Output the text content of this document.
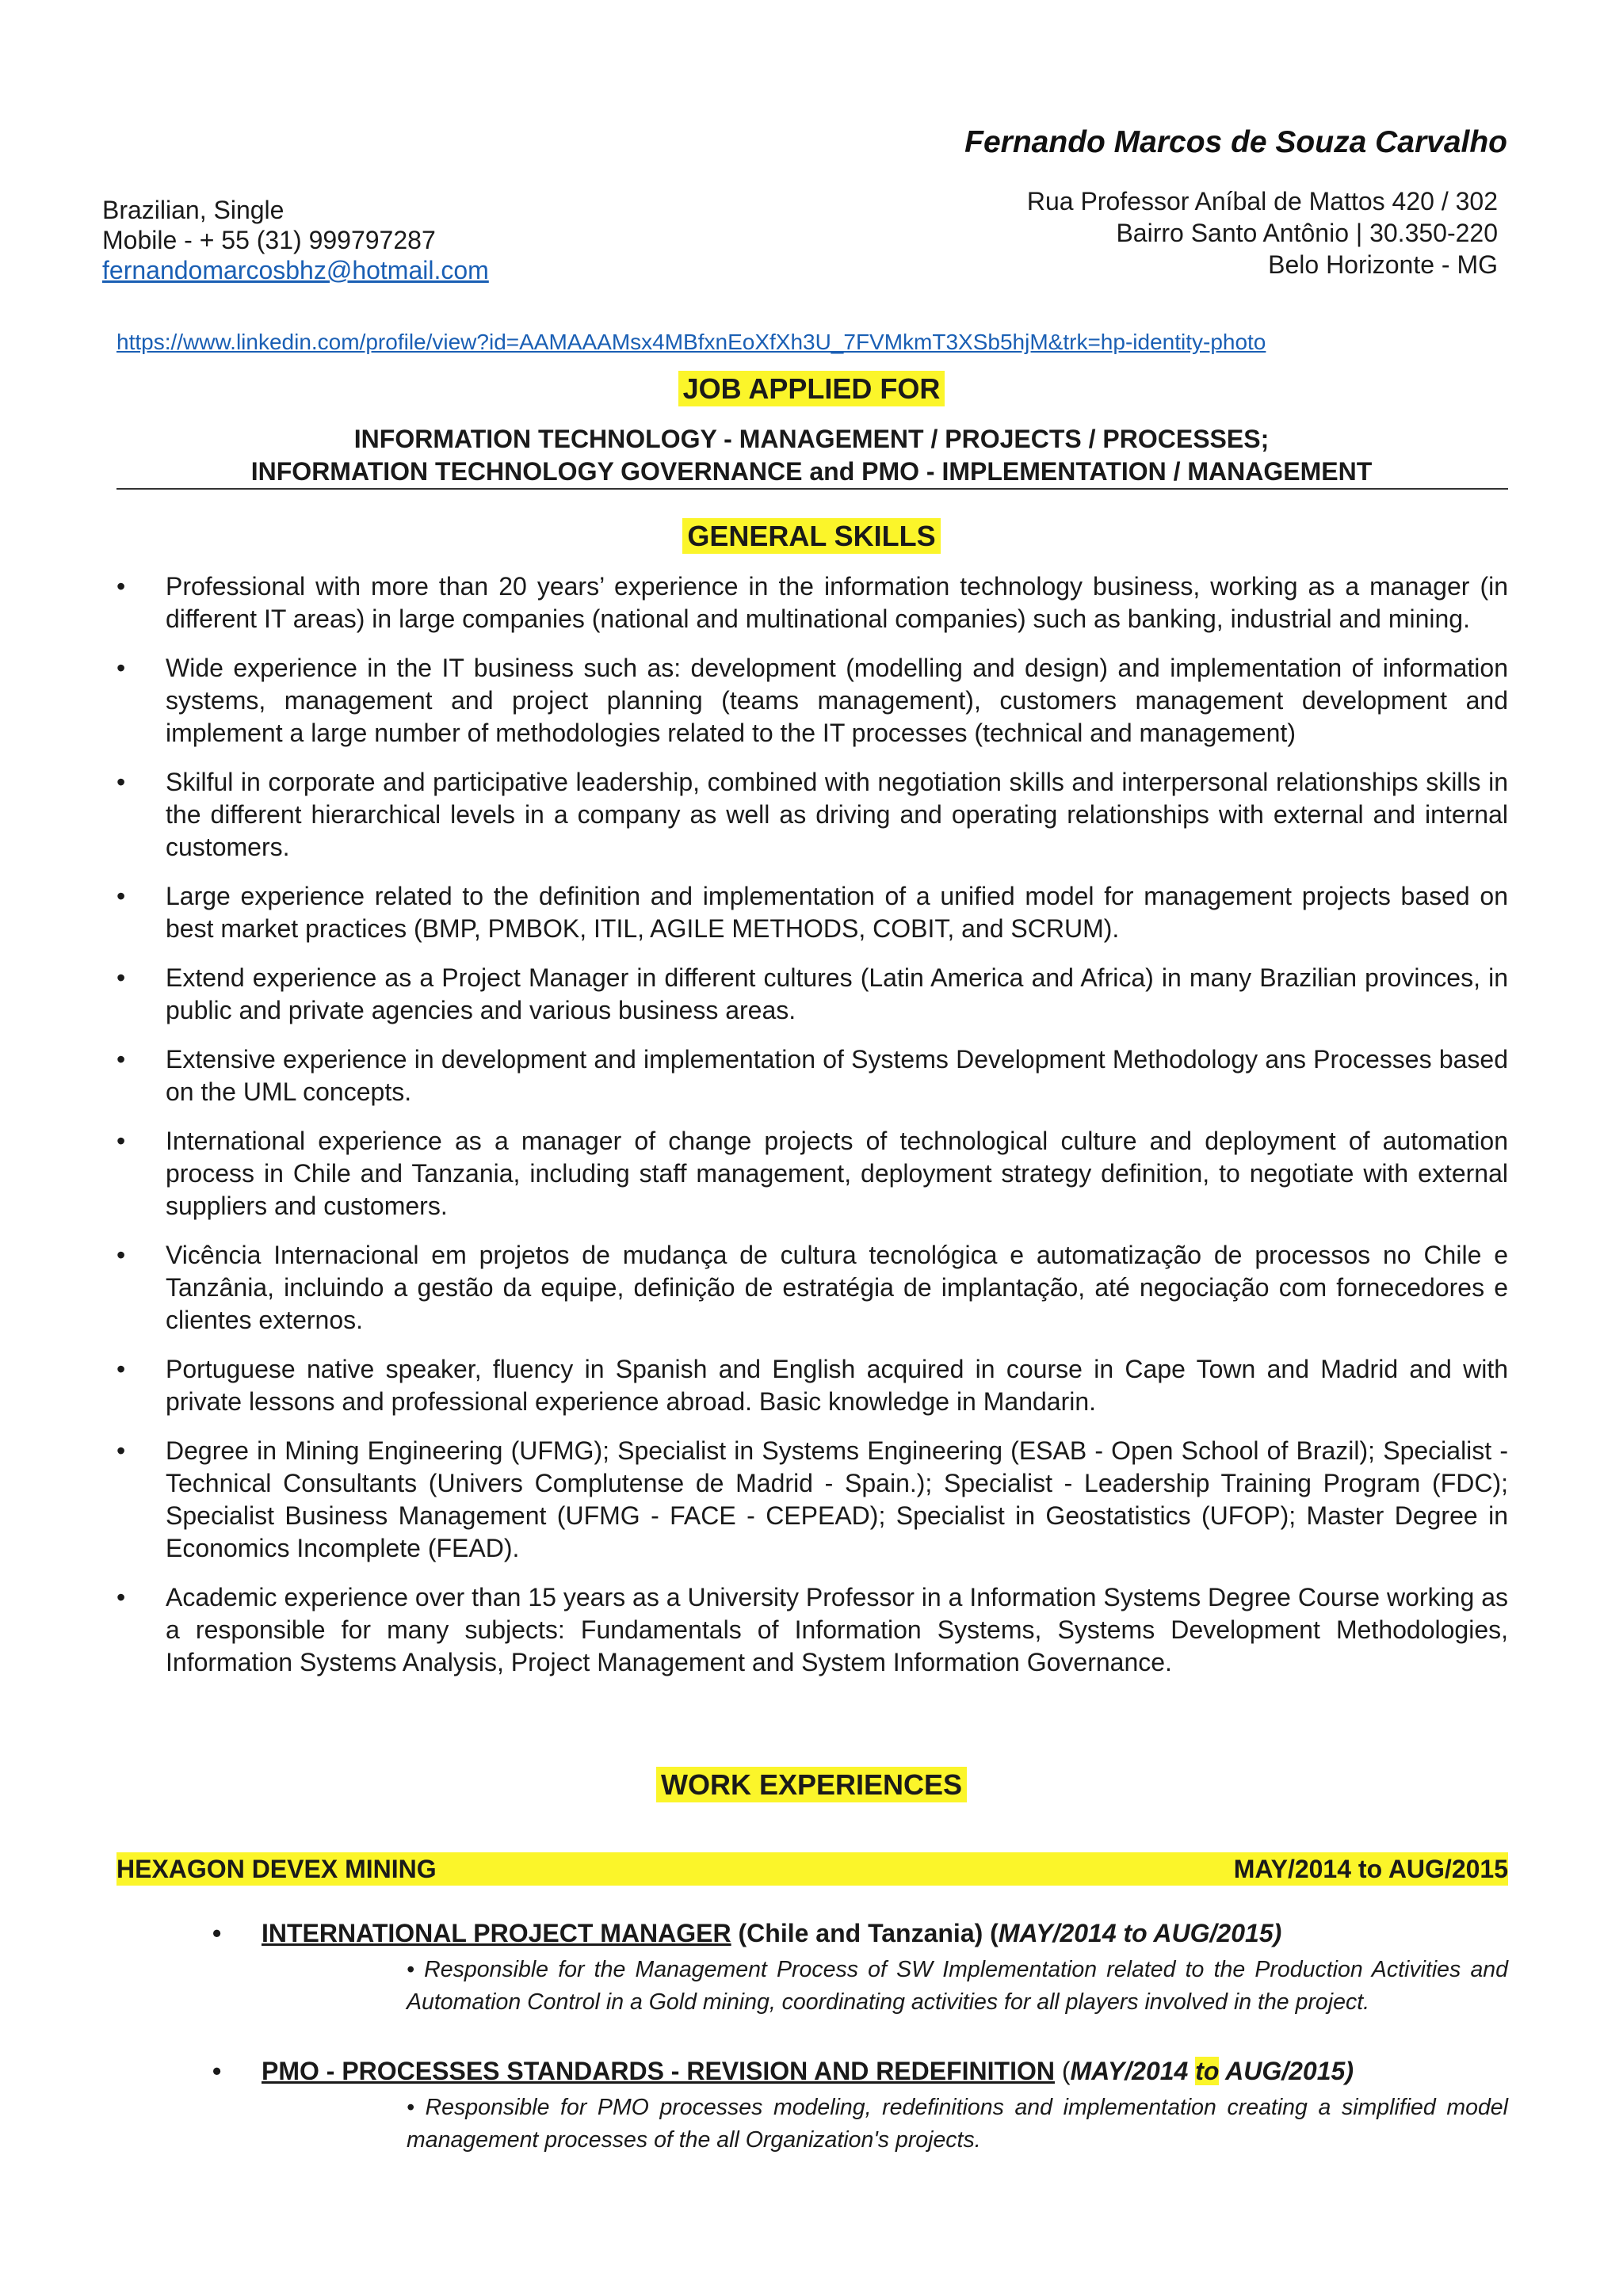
Fernando Marcos de Souza Carvalho
Brazilian, Single
Mobile - + 55 (31) 999797287
fernandomarcosbhz@hotmail.com
Rua Professor Aníbal de Mattos 420 / 302
Bairro Santo Antônio | 30.350-220
Belo Horizonte - MG
https://www.linkedin.com/profile/view?id=AAMAAAMsx4MBfxnEoXfXh3U_7FVMkmT3XSb5hjM&trk=hp-identity-photo
JOB APPLIED FOR
INFORMATION TECHNOLOGY - MANAGEMENT / PROJECTS / PROCESSES;
INFORMATION TECHNOLOGY GOVERNANCE and PMO - IMPLEMENTATION / MANAGEMENT
GENERAL SKILLS
• Professional with more than 20 years’ experience in the information technology business, working as a manager (in different IT areas) in large companies (national and multinational companies) such as banking, industrial and mining.
• Wide experience in the IT business such as: development (modelling and design) and implementation of information systems, management and project planning (teams management), customers management development and implement a large number of methodologies related to the IT processes (technical and management)
• Skilful in corporate and participative leadership, combined with negotiation skills and interpersonal relationships skills in the different hierarchical levels in a company as well as driving and operating relationships with external and internal customers.
• Large experience related to the definition and implementation of a unified model for management projects based on best market practices (BMP, PMBOK, ITIL, AGILE METHODS, COBIT, and SCRUM).
• Extend experience as a Project Manager in different cultures (Latin America and Africa) in many Brazilian provinces, in public and private agencies and various business areas.
• Extensive experience in development and implementation of Systems Development Methodology ans Processes based on the UML concepts.
• International experience as a manager of change projects of technological culture and deployment of automation process in Chile and Tanzania, including staff management, deployment strategy definition, to negotiate with external suppliers and customers.
• Vicência Internacional em projetos de mudança de cultura tecnológica e automatização de processos no Chile e Tanzânia, incluindo a gestão da equipe, definição de estratégia de implantação, até negociação com fornecedores e clientes externos.
• Portuguese native speaker, fluency in Spanish and English acquired in course in Cape Town and Madrid and with private lessons and professional experience abroad. Basic knowledge in Mandarin.
• Degree in Mining Engineering (UFMG); Specialist in Systems Engineering (ESAB - Open School of Brazil); Specialist - Technical Consultants (Univers Complutense de Madrid - Spain.); Specialist - Leadership Training Program (FDC); Specialist Business Management (UFMG - FACE - CEPEAD); Specialist in Geostatistics (UFOP); Master Degree in Economics Incomplete (FEAD).
• Academic experience over than 15 years as a University Professor in a Information Systems Degree Course working as a responsible for many subjects: Fundamentals of Information Systems, Systems Development Methodologies, Information Systems Analysis, Project Management and System Information Governance.
WORK EXPERIENCES
HEXAGON DEVEX MINING	MAY/2014 to AUG/2015
• INTERNATIONAL PROJECT MANAGER (Chile and Tanzania) (MAY/2014 to AUG/2015)
• Responsible for the Management Process of SW Implementation related to the Production Activities and Automation Control in a Gold mining, coordinating activities for all players involved in the project.
• PMO - PROCESSES STANDARDS - REVISION AND REDEFINITION (MAY/2014 to AUG/2015)
• Responsible for PMO processes modeling, redefinitions and implementation creating a simplified model management processes of the all Organization's projects.
